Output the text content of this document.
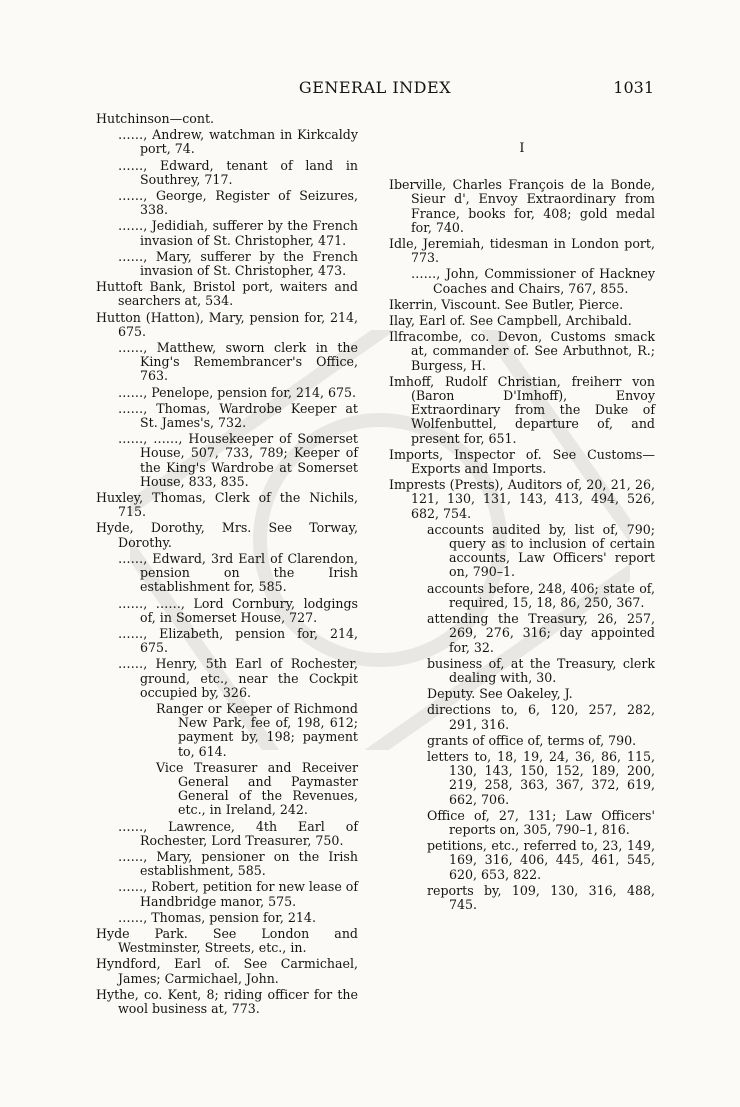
GENERAL INDEX	1031

Hutchinson—cont.

……, Andrew, watchman in Kirkcaldy port, 74.

……, Edward, tenant of land in Southrey, 717.

……, George, Register of Seizures, 338.

……, Jedidiah, sufferer by the French invasion of St. Christopher, 471.

……, Mary, sufferer by the French invasion of St. Christopher, 473.

Huttoft Bank, Bristol port, waiters and searchers at, 534.

Hutton (Hatton), Mary, pension for, 214, 675.

……, Matthew, sworn clerk in the King's Remembrancer's Office, 763.

……, Penelope, pension for, 214, 675.

……, Thomas, Wardrobe Keeper at St. James's, 732.

……, ……, Housekeeper of Somerset House, 507, 733, 789; Keeper of the King's Wardrobe at Somerset House, 833, 835.

Huxley, Thomas, Clerk of the Nichils, 715.

Hyde, Dorothy, Mrs. See Torway, Dorothy.

……, Edward, 3rd Earl of Clarendon, pension on the Irish establishment for, 585.

……, ……, Lord Cornbury, lodgings of, in Somerset House, 727.

……, Elizabeth, pension for, 214, 675.

……, Henry, 5th Earl of Rochester, ground, etc., near the Cockpit occupied by, 326.

Ranger or Keeper of Richmond New Park, fee of, 198, 612; payment by, 198; payment to, 614.

Vice Treasurer and Receiver General and Paymaster General of the Revenues, etc., in Ireland, 242.

……, Lawrence, 4th Earl of Rochester, Lord Treasurer, 750.

……, Mary, pensioner on the Irish establishment, 585.

……, Robert, petition for new lease of Handbridge manor, 575.

……, Thomas, pension for, 214.

Hyde Park. See London and Westminster, Streets, etc., in.

Hyndford, Earl of. See Carmichael, James; Carmichael, John.

Hythe, co. Kent, 8; riding officer for the wool business at, 773.

I

Iberville, Charles François de la Bonde, Sieur d', Envoy Extraordinary from France, books for, 408; gold medal for, 740.

Idle, Jeremiah, tidesman in London port, 773.

……, John, Commissioner of Hackney Coaches and Chairs, 767, 855.

Ikerrin, Viscount. See Butler, Pierce.

Ilay, Earl of. See Campbell, Archibald.

Ilfracombe, co. Devon, Customs smack at, commander of. See Arbuthnot, R.; Burgess, H.

Imhoff, Rudolf Christian, freiherr von (Baron D'Imhoff), Envoy Extraordinary from the Duke of Wolfenbuttel, departure of, and present for, 651.

Imports, Inspector of. See Customs—Exports and Imports.

Imprests (Prests), Auditors of, 20, 21, 26, 121, 130, 131, 143, 413, 494, 526, 682, 754.

accounts audited by, list of, 790; query as to inclusion of certain accounts, Law Officers' report on, 790–1.

accounts before, 248, 406; state of, required, 15, 18, 86, 250, 367.

attending the Treasury, 26, 257, 269, 276, 316; day appointed for, 32.

business of, at the Treasury, clerk dealing with, 30.

Deputy. See Oakeley, J.

directions to, 6, 120, 257, 282, 291, 316.

grants of office of, terms of, 790.

letters to, 18, 19, 24, 36, 86, 115, 130, 143, 150, 152, 189, 200, 219, 258, 363, 367, 372, 619, 662, 706.

Office of, 27, 131; Law Officers' reports on, 305, 790–1, 816.

petitions, etc., referred to, 23, 149, 169, 316, 406, 445, 461, 545, 620, 653, 822.

reports by, 109, 130, 316, 488, 745.
